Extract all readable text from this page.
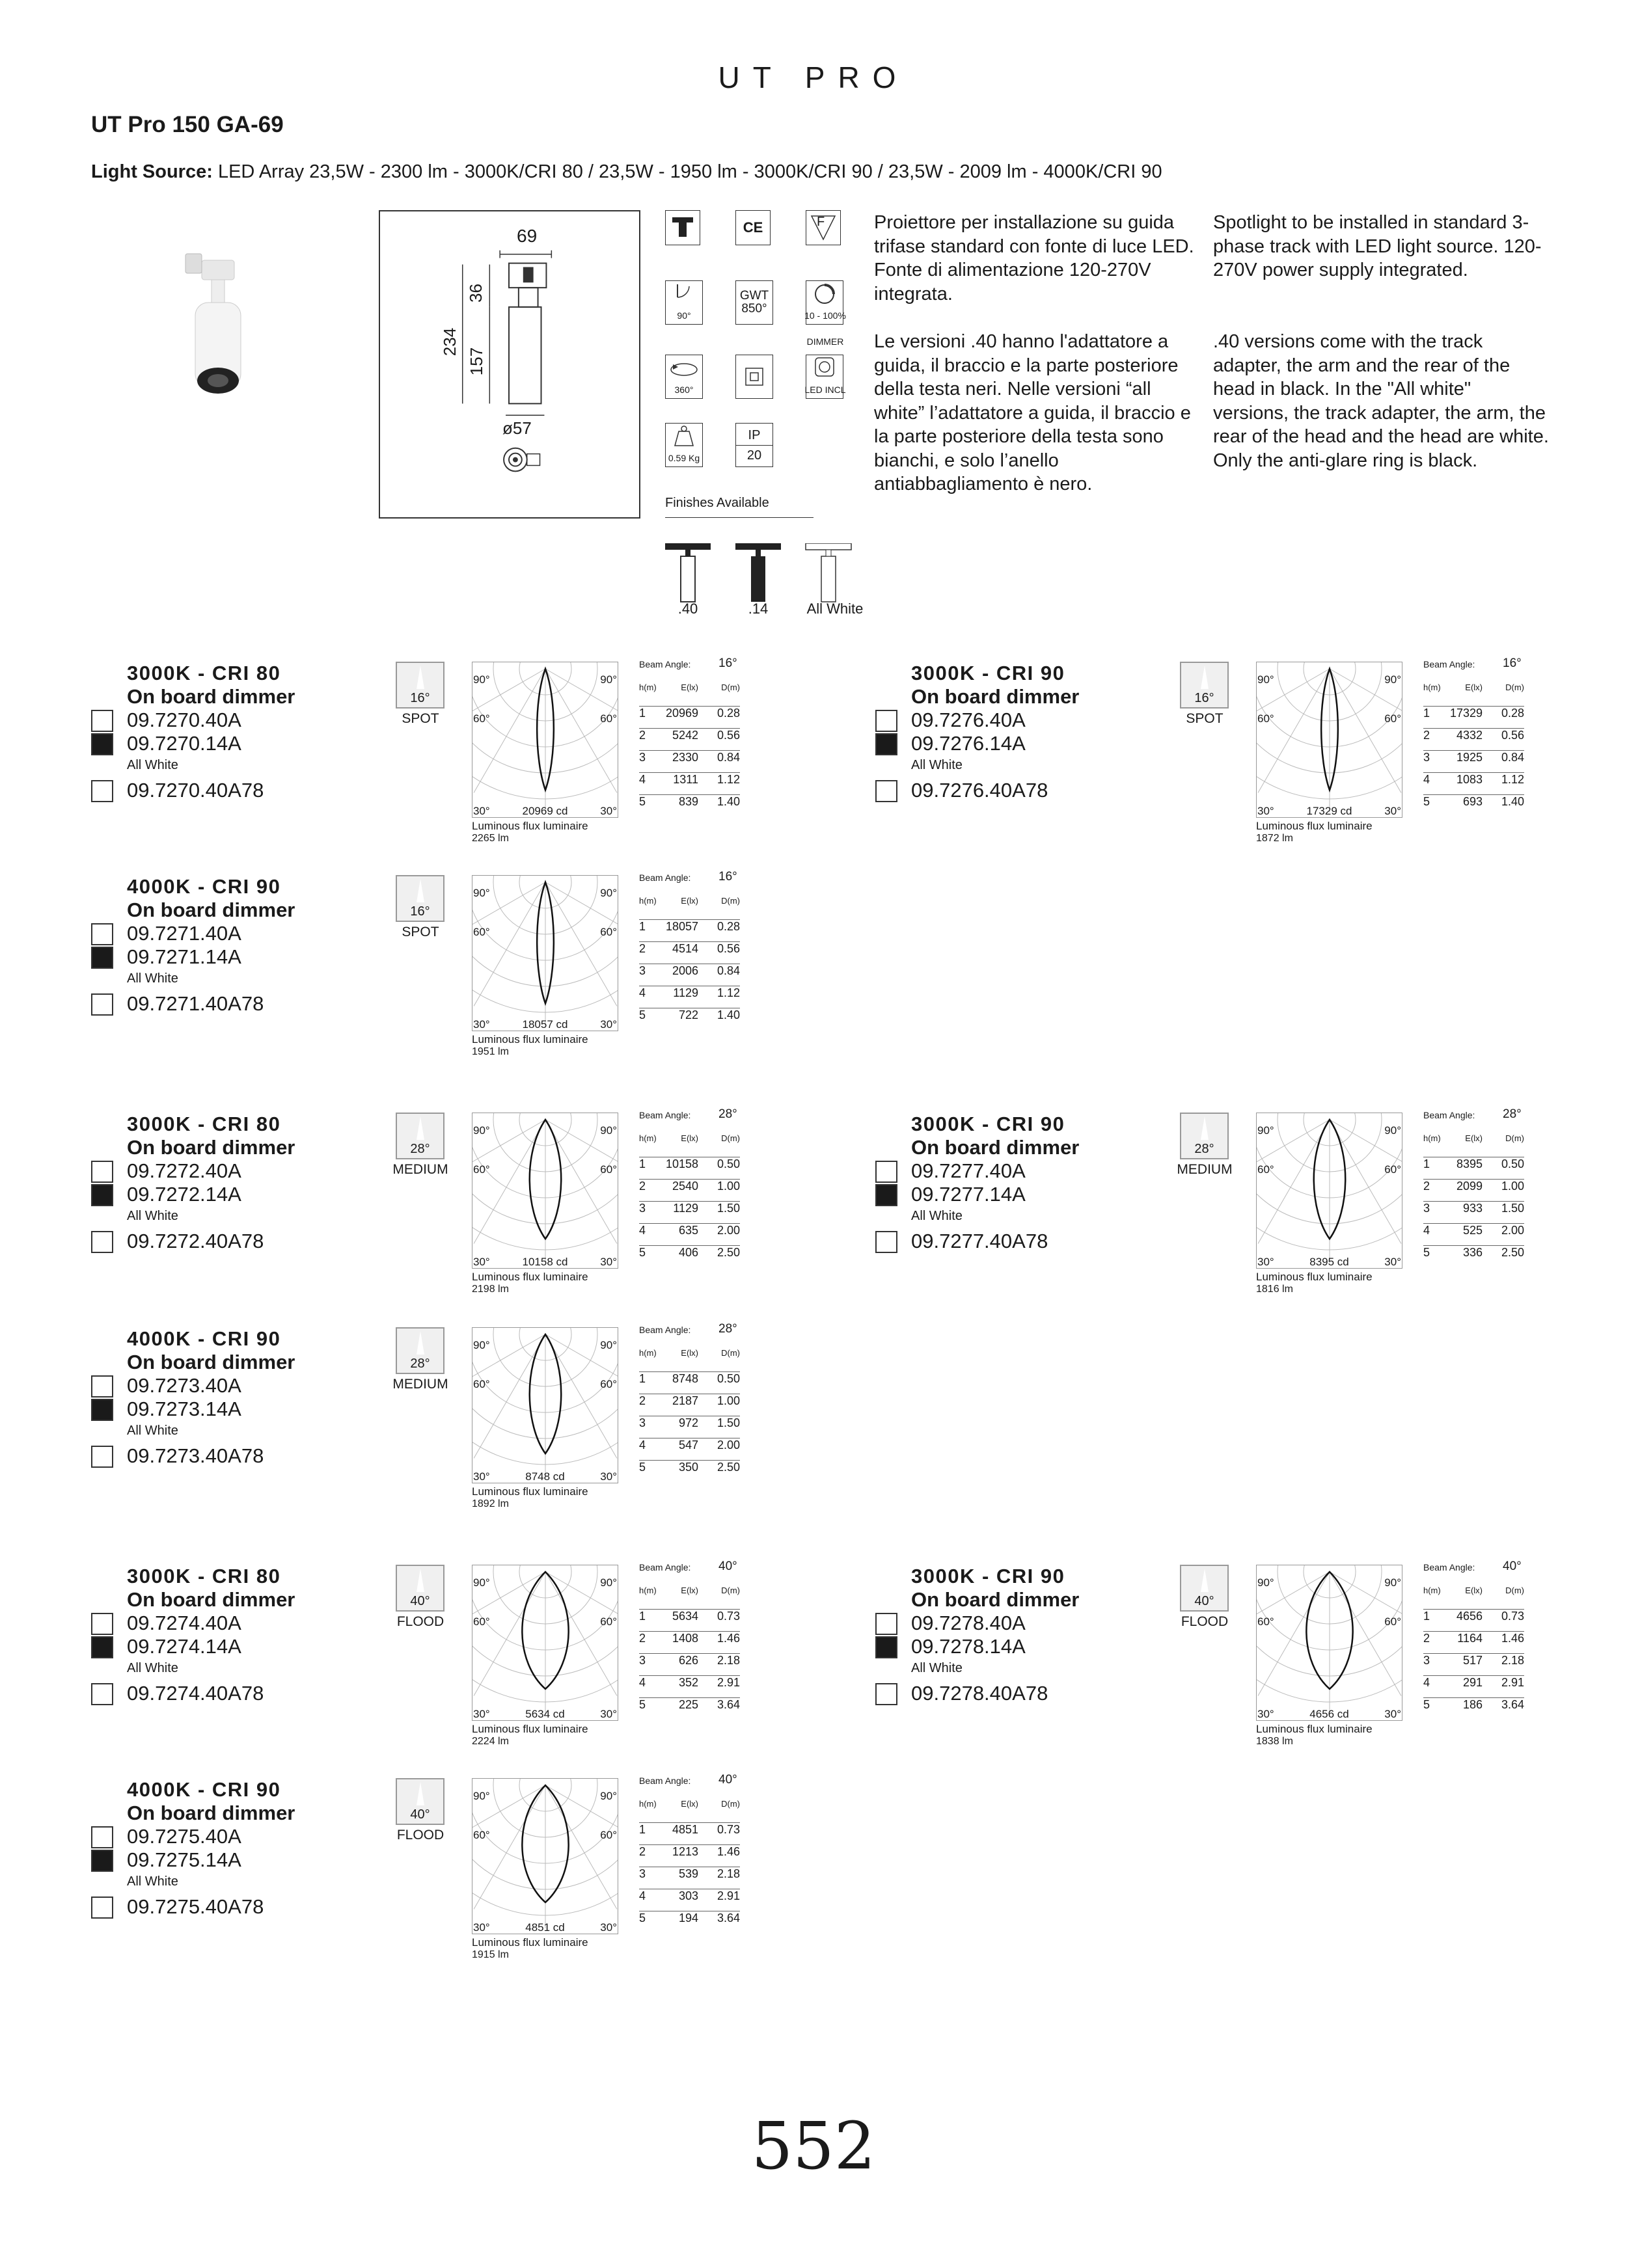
UT PRO
UT Pro 150 GA-69
Light Source: LED Array 23,5W - 2300 lm - 3000K/CRI 80 / 23,5W - 1950 lm - 3000K/CRI 90 / 23,5W - 2009 lm - 4000K/CRI 90
69
36
234
157
ø57
CE	F
90°
GWT
850°	10 - 100%
DIMMER
360°	LED INCL
0.59 Kg
IP
20
Finishes Available
.40	.14	All White
Proiettore per installazione su guida trifase standard con fonte di luce LED. Fonte di alimentazione 120-270V integrata.
Le versioni .40 hanno l'adattatore a guida, il braccio e la parte posteriore della testa neri. Nelle versioni “all white” l’adattatore a guida, il braccio e la parte posteriore della testa sono bianchi, e solo l’anello antiabbagliamento è nero.
Spotlight to be installed in standard 3-phase track with LED light source. 120-270V power supply integrated.
.40 versions come with the track adapter, the arm and the rear of the head in black. In the "All white" versions, the track adapter, the arm, the rear of the head and the head are white. Only the anti-glare ring is black.
3000K - CRI 80
On board dimmer
09.7270.40A
09.7270.14A
All White
09.7270.40A78
16°
SPOT
90°	90°
60°	60°
30°	30°
20969 cd
Luminous flux luminaire
2265 lm
Beam Angle: 16°
h(m)	E(lx)	D(m)
1 20969 0.28
2 5242 0.56
3 2330 0.84
4 1311 1.12
5	839 1.40
3000K - CRI 90
On board dimmer
09.7276.40A
09.7276.14A
All White
09.7276.40A78
16°
SPOT
90°	90°
60°	60°
30°	30°
17329 cd
Luminous flux luminaire
1872 lm
Beam Angle: 16°
h(m)	E(lx)	D(m)
1 17329 0.28
2 4332 0.56
3 1925 0.84
4 1083 1.12
5	693 1.40
4000K - CRI 90
On board dimmer
09.7271.40A
09.7271.14A
All White
09.7271.40A78
16°
SPOT
90°	90°
60°	60°
30°	30°
18057 cd
Luminous flux luminaire
1951 lm
Beam Angle: 16°
h(m)	E(lx)	D(m)
1 18057 0.28
2 4514 0.56
3 2006 0.84
4 1129 1.12
5	722 1.40
3000K - CRI 80
On board dimmer
09.7272.40A
09.7272.14A
All White
09.7272.40A78
28°
MEDIUM
90°	90°
60°	60°
30°	30°
10158 cd
Luminous flux luminaire
2198 lm
Beam Angle: 28°
h(m)	E(lx)	D(m)
1 10158 0.50
2 2540 1.00
3 1129 1.50
4	635 2.00
5	406 2.50
3000K - CRI 90
On board dimmer
09.7277.40A
09.7277.14A
All White
09.7277.40A78
28°
MEDIUM
90°	90°
60°	60°
30°	30°
8395 cd
Luminous flux luminaire
1816 lm
Beam Angle: 28°
h(m)	E(lx)	D(m)
1 8395 0.50
2 2099 1.00
3	933 1.50
4	525 2.00
5	336 2.50
4000K - CRI 90
On board dimmer
09.7273.40A
09.7273.14A
All White
09.7273.40A78
28°
MEDIUM
90°	90°
60°	60°
30°	30°
8748 cd
Luminous flux luminaire
1892 lm
Beam Angle: 28°
h(m)	E(lx)	D(m)
1 8748 0.50
2 2187 1.00
3	972 1.50
4	547 2.00
5	350 2.50
3000K - CRI 80
On board dimmer
09.7274.40A
09.7274.14A
All White
09.7274.40A78
40°
FLOOD
90°	90°
60°	60°
30°	30°
5634 cd
Luminous flux luminaire
2224 lm
Beam Angle: 40°
h(m)	E(lx)	D(m)
1 5634 0.73
2 1408 1.46
3	626 2.18
4	352 2.91
5	225 3.64
3000K - CRI 90
On board dimmer
09.7278.40A
09.7278.14A
All White
09.7278.40A78
40°
FLOOD
90°	90°
60°	60°
30°	30°
4656 cd
Luminous flux luminaire
1838 lm
Beam Angle: 40°
h(m)	E(lx)	D(m)
1 4656 0.73
2 1164 1.46
3	517 2.18
4	291 2.91
5	186 3.64
4000K - CRI 90
On board dimmer
09.7275.40A
09.7275.14A
All White
09.7275.40A78
40°
FLOOD
90°	90°
60°	60°
30°	30°
4851 cd
Luminous flux luminaire
1915 lm
Beam Angle: 40°
h(m)	E(lx)	D(m)
1 4851 0.73
2 1213 1.46
3	539 2.18
4	303 2.91
5	194 3.64
552
